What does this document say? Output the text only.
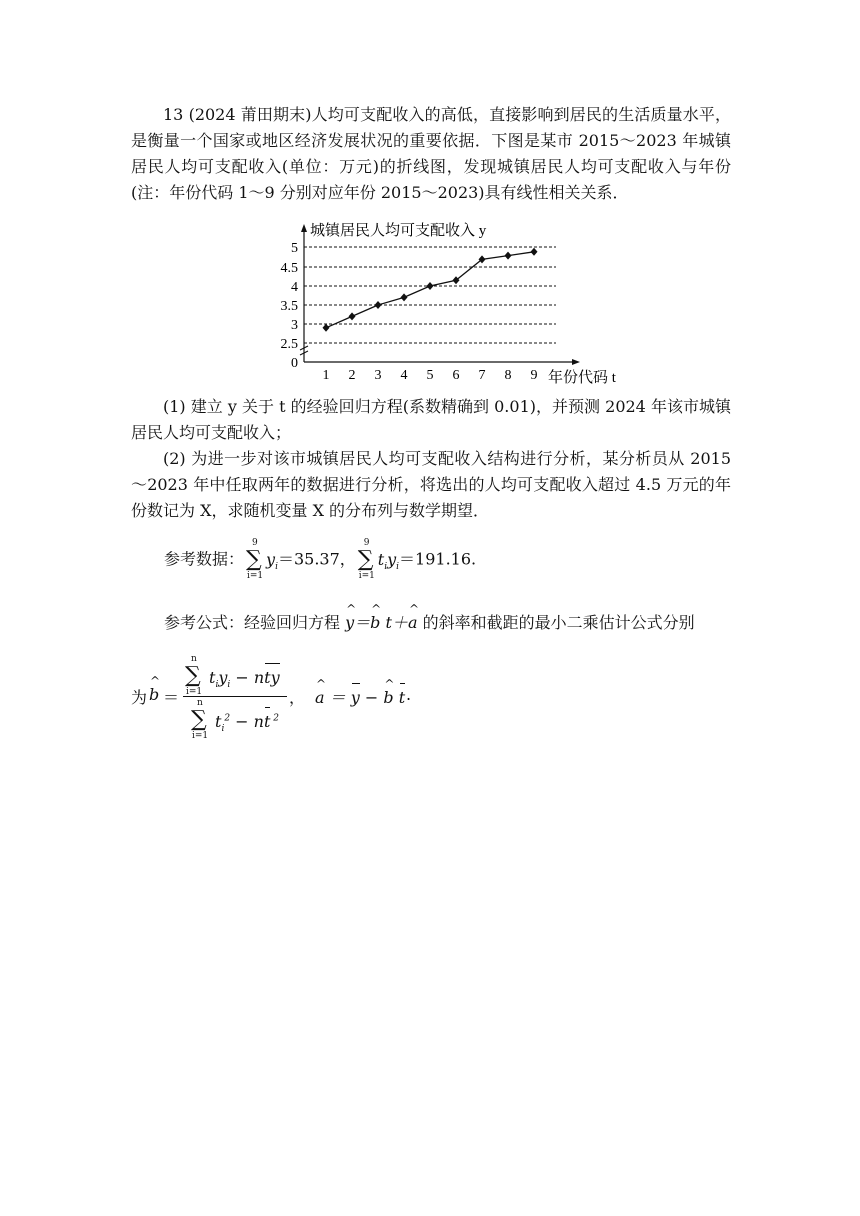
13 (2024 莆田期末)人均可支配收入的高低，直接影响到居民的生活质量水平，是衡量一个国家或地区经济发展状况的重要依据．下图是某市 2015～2023 年城镇居民人均可支配收入(单位：万元)的折线图，发现城镇居民人均可支配收入与年份(注：年份代码 1～9 分别对应年份 2015～2023)具有线性相关关系．

0
2.5
3
3.5
4
4.5
5
1 2 3 4 5 6 7 8 9
城镇居民人均可支配收入 y
年份代码 t

(1) 建立 y 关于 t 的经验回归方程(系数精确到 0.01)，并预测 2024 年该市城镇居民人均可支配收入；

(2) 为进一步对该市城镇居民人均可支配收入结构进行分析，某分析员从 2015～2023 年中任取两年的数据进行分析，将选出的人均可支配收入超过 4.5 万元的年份数记为 X，求随机变量 X 的分布列与数学期望．

参考数据：
9
∑
i=1
$y_i=35.37$，
9
∑
i=1
$t_iy_i=191.16$.
参考公式：经验回归方程 ^ y＝^ b t＋^ a 的斜率和截距的最小二乘估计公式分别
为 ^ b ＝
n
∑
i=1
$t_iy_i$ − nty
n
∑
i=1
$t_i^2$ − nt $^2$
， ^ a ＝ y − ^ b t .
